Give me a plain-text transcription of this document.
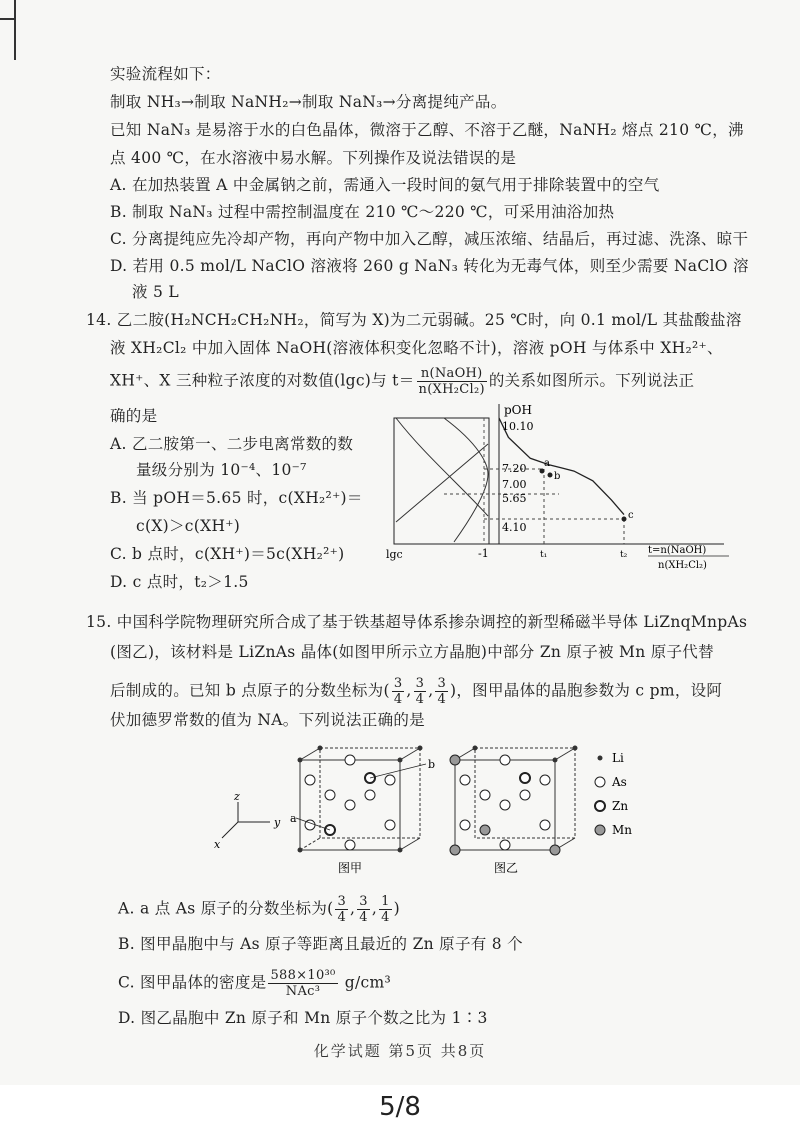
实验流程如下：
制取 NH₃→制取 NaNH₂→制取 NaN₃→分离提纯产品。
已知 NaN₃ 是易溶于水的白色晶体，微溶于乙醇、不溶于乙醚，NaNH₂ 熔点 210 ℃，沸
点 400 ℃，在水溶液中易水解。下列操作及说法错误的是
A. 在加热装置 A 中金属钠之前，需通入一段时间的氨气用于排除装置中的空气
B. 制取 NaN₃ 过程中需控制温度在 210 ℃～220 ℃，可采用油浴加热
C. 分离提纯应先冷却产物，再向产物中加入乙醇，减压浓缩、结晶后，再过滤、洗涤、晾干
D. 若用 0.5 mol/L NaClO 溶液将 260 g NaN₃ 转化为无毒气体，则至少需要 NaClO 溶
液 5 L
14. 乙二胺(H₂NCH₂CH₂NH₂，简写为 X)为二元弱碱。25 ℃时，向 0.1 mol/L 其盐酸盐溶
液 XH₂Cl₂ 中加入固体 NaOH(溶液体积变化忽略不计)，溶液 pOH 与体系中 XH₂²⁺、
XH⁺、X 三种粒子浓度的对数值(lgc)与 $t= \frac{\text{n(NaOH)}}{\text{n(XH₂Cl₂)}}$ 的关系如图所示。下列说法正
确的是
A. 乙二胺第一、二步电离常数的数
量级分别为 10⁻⁴、10⁻⁷
B. 当 pOH＝5.65 时，c(XH₂²⁺)＝
c(X)＞c(XH⁺)
C. b 点时，c(XH⁺)＝5c(XH₂²⁺)
D. c 点时，t₂＞1.5
pOH
10.10
7.20
7.00
5.65
4.10
a
b
c
lgc	-1	t₁	t₂ t=n(NaOH)
n(XH₂Cl₂)
15. 中国科学院物理研究所合成了基于铁基超导体系掺杂调控的新型稀磁半导体 LiZnqMnpAs
(图乙)，该材料是 LiZnAs 晶体(如图甲所示立方晶胞)中部分 Zn 原子被 Mn 原子代替
后制成的。已知 b 点原子的分数坐标为( $\frac{3}{4}$ , $\frac{3}{4}$ , $\frac{3}{4}$ )，图甲晶体的晶胞参数为 c pm，设阿
伏加德罗常数的值为 NA。下列说法正确的是
z
y
x
a
b	Li
As
Zn
Mn
图甲	图乙
A. a 点 As 原子的分数坐标为( $\frac{3}{4}$ , $\frac{3}{4}$ , $\frac{1}{4}$ )
B. 图甲晶胞中与 As 原子等距离且最近的 Zn 原子有 8 个
C. 图甲晶体的密度是 $\frac{\text{588×10³⁰}}{\text{NAc³}} g/cm^3$
D. 图乙晶胞中 Zn 原子和 Mn 原子个数之比为 1∶3
化学试题 第5页 共8页
5/8
